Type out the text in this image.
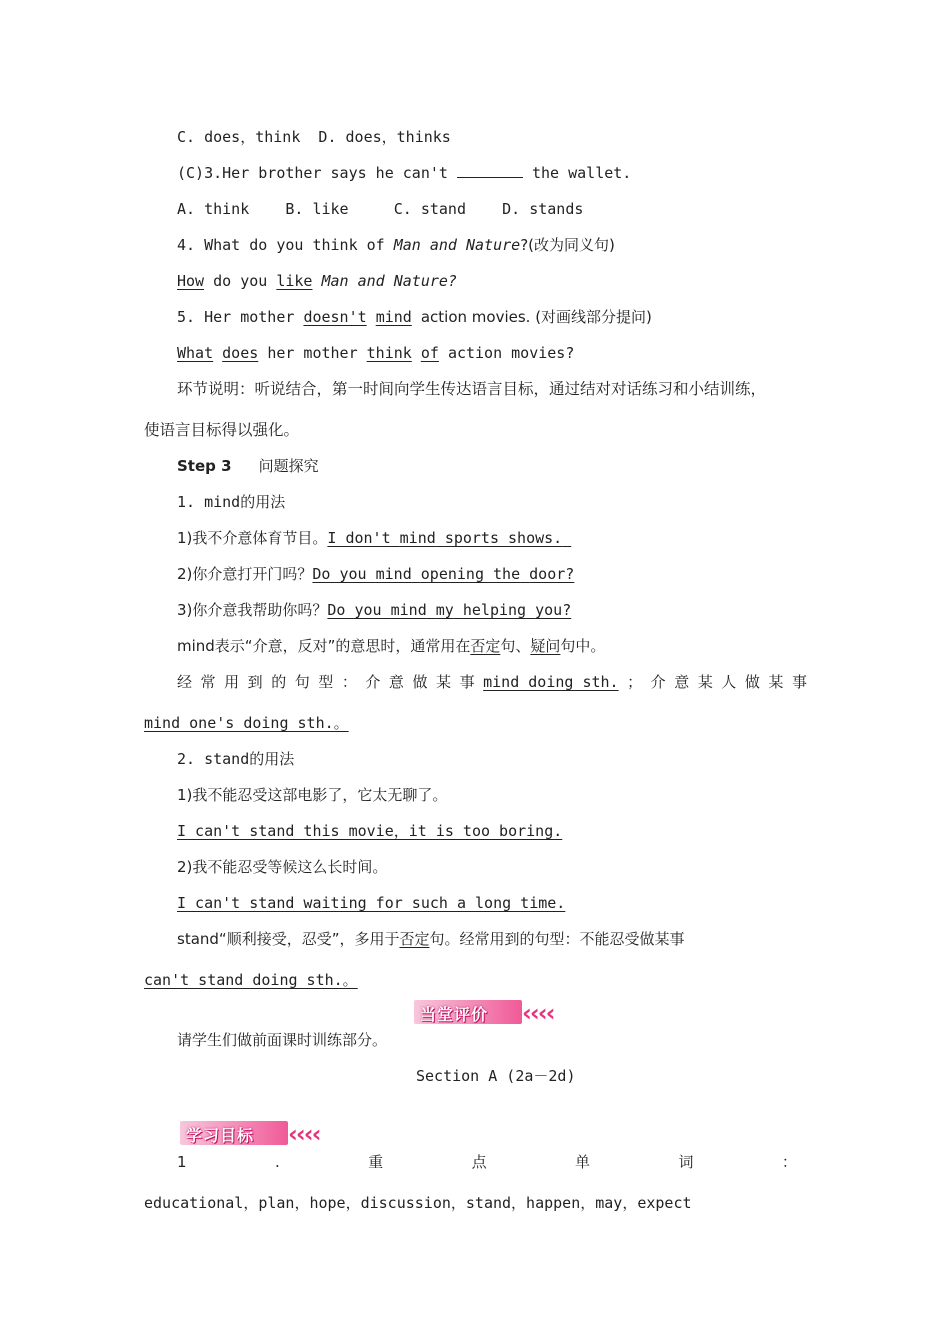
C. does，think  D. does，thinks
(C)3.Her brother says he can't	the wallet.
A. think    B. like     C. stand    D. stands
4. What do you think of Man and Nature?(改为同义句)
How do you like Man and Nature?
5. Her mother doesn't mind action movies. (对画线部分提问)
What does her mother think of action movies?
环节说明：听说结合，第一时间向学生传达语言目标，通过结对对话练习和小结训练，
使语言目标得以强化。
Step 3 问题探究
1. mind的用法
1)我不介意体育节目。I don't mind sports shows.
2)你介意打开门吗？Do you mind opening the door?
3)你介意我帮助你吗？Do you mind my helping you?
mind表示“介意，反对”的意思时，通常用在否定句、疑问句中。
经 常 用 到 的 句 型 ： 介 意 做 某 事 mind doing sth. ； 介 意 某 人 做 某 事
mind one's doing sth.。
2. stand的用法
1)我不能忍受这部电影了，它太无聊了。
I can't stand this movie，it is too boring.
2)我不能忍受等候这么长时间。
I can't stand waiting for such a long time.
stand“顺利接受，忍受”，多用于否定句。经常用到的句型：不能忍受做某事
can't stand doing sth.。
当堂评价 ‹‹‹‹
请学生们做前面课时训练部分。
Section A (2a－2d)
学习目标 ‹‹‹‹
1	.	重	点	单	词	：
educational，plan，hope，discussion，stand，happen，may，expect
